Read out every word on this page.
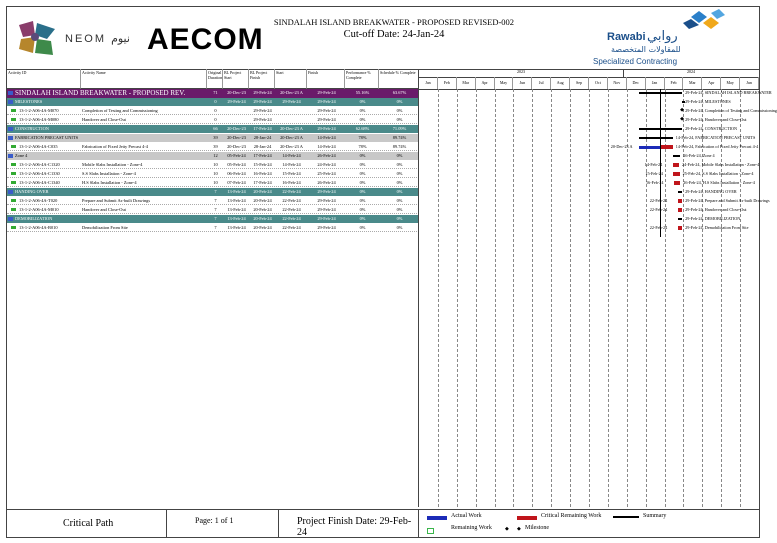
NEOM نيوم AECOM
SINDALAH ISLAND BREAKWATER - PROPOSED REVISED-002
Cut-off Date: 24-Jan-24	Rawabi روابي
للمقاولات المتخصصة
Specialized Contracting
Activity ID	Activity Name	Original Duration
BL Project Start
BL Project Finish
Start	Finish	Performance % Complete
Schedule % Complete	2023	2024
Jan	Feb	Mar	Apr	May	Jun	Jul	Aug	Sep	Oct	Nov	Dec	Jan	Feb	Mar	Apr	May	Jun
SINDALAH ISLAND BREAKWATER - PROPOSED REV.	71	20-Dec-23	29-Feb-24	20-Dec-23 A	29-Feb-24	55.16%	63.67%
MILESTONES	0	29-Feb-24	29-Feb-24	29-Feb-24	29-Feb-24	0%	0%
13-1-2-A06-4A-M070	Completion of Testing and Commissioning	0	29-Feb-24	29-Feb-24	0%	0%
13-1-2-A06-4A-M080	Handover and Close-Out	0	29-Feb-24	29-Feb-24	0%	0%
CONSTRUCTION	66	20-Dec-23	17-Feb-24	20-Dec-23 A	29-Feb-24	62.68%	71.09%
FABRICATION PRECAST UNITS	39	20-Dec-23	28-Jan-24	20-Dec-23 A	14-Feb-24	78%	89.74%
13-1-2-A06-4A-C035	Fabrication of Fixed Jetty Precast 4-4	39	20-Dec-23	28-Jan-24	20-Dec-23 A	14-Feb-24	78%	89.74%
Zone 4	12	05-Feb-24	17-Feb-24	14-Feb-24	26-Feb-24	0%	0%
13-1-2-A06-4A-C1320	Mobile Slabs Installation - Zone-4	10	05-Feb-24	15-Feb-24	14-Feb-24	24-Feb-24	0%	0%
13-1-2-A06-4A-C1330	S.S Slabs Installation - Zone-4	10	06-Feb-24	16-Feb-24	15-Feb-24	25-Feb-24	0%	0%
13-1-2-A06-4A-C1340	H.S Slabs Installation - Zone-4	10	07-Feb-24	17-Feb-24	16-Feb-24	26-Feb-24	0%	0%
HANDING OVER	7	13-Feb-24	20-Feb-24	22-Feb-24	29-Feb-24	0%	0%
13-1-2-A06-4A-T020	Prepare and Submit As-built Drawings	7	13-Feb-24	20-Feb-24	22-Feb-24	29-Feb-24	0%	0%
13-1-2-A06-4A-M010	Handover and Close-Out	7	13-Feb-24	20-Feb-24	22-Feb-24	29-Feb-24	0%	0%
DEMOBILIZATION	7	13-Feb-24	20-Feb-24	22-Feb-24	29-Feb-24	0%	0%
13-1-2-A06-4A-B010	Demobilization From Site	7	13-Feb-24	20-Feb-24	22-Feb-24	29-Feb-24	0%	0%
29-Feb-24, SINDALAH ISLAND BREAKWATER
29-Feb-24, MILESTONES
◆ 29-Feb-24, Completion of Testing and Commissioning
◆ 29-Feb-24, Handover and Close-Out
29-Feb-24, CONSTRUCTION
14-Feb-24, FABRICATION PRECAST UNITS
20-Dec-23 A	14-Feb-24, Fabrication of Fixed Jetty Precast 4-4
26-Feb-24, Zone 4
14-Feb-24	24-Feb-24, Mobile Slabs Installation - Zone-4
15-Feb-24	25-Feb-24, S.S Slabs Installation - Zone-4
16-Feb-24	26-Feb-24, H.S Slabs Installation - Zone-4
29-Feb-24, HANDING OVER
22-Feb-24	29-Feb-24, Prepare and Submit As-built Drawings
22-Feb-24	29-Feb-24, Handover and Close-Out
29-Feb-24, DEMOBILIZATION
22-Feb-24	29-Feb-24, Demobilization From Site
Critical Path	Page: 1 of 1	Project Finish Date: 29-Feb-24
Actual Work
Remaining Work	◆
Critical Remaining Work
◆ Milestone
Summary
